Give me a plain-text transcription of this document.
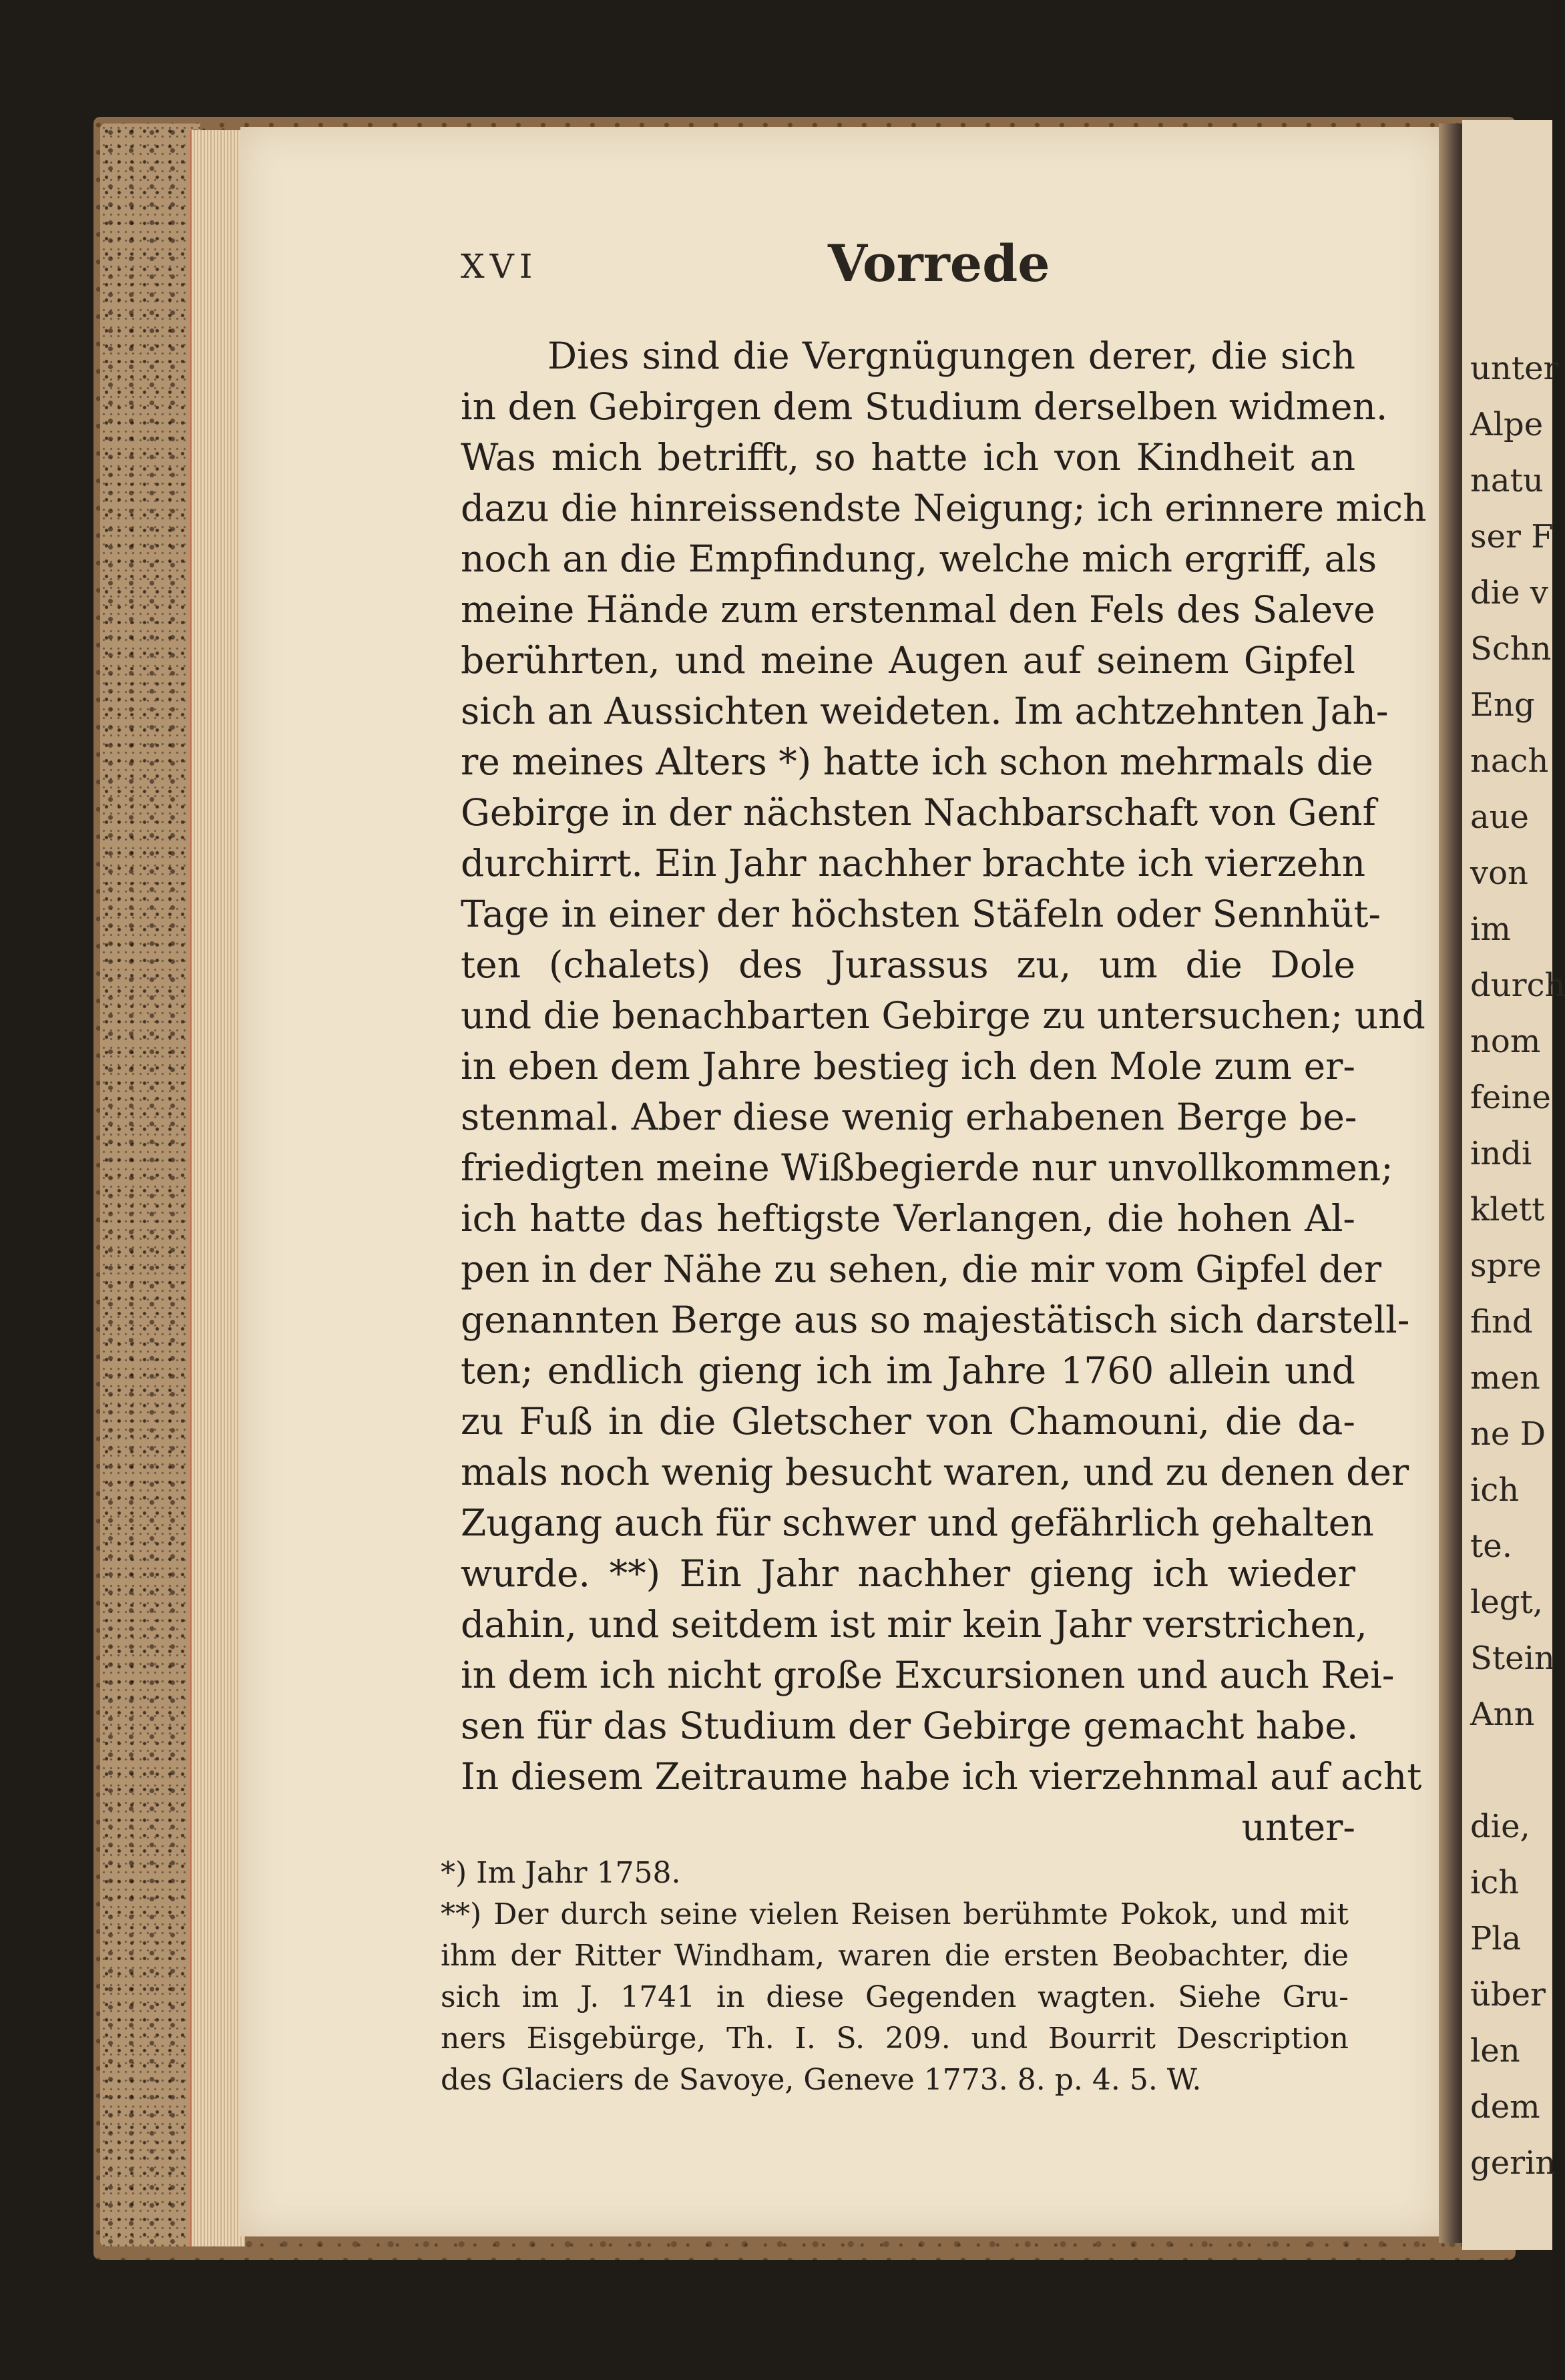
unter
Alpe
natu
ser F
die v
Schn
Eng
nach
aue
von
im
durch
nom
feine
indi
klett
spre
find
men
ne D
ich
te.
legt,
Stein
Ann
die,
ich
Pla
über
len
dem
gerin
XVI	Vorrede
Dies sind die Vergnügungen derer, die sich
in den Gebirgen dem Studium derselben widmen.
Was mich betrifft, so hatte ich von Kindheit an
dazu die hinreissendste Neigung; ich erinnere mich
noch an die Empfindung, welche mich ergriff, als
meine Hände zum erstenmal den Fels des Saleve
berührten, und meine Augen auf seinem Gipfel
sich an Aussichten weideten. Im achtzehnten Jah-
re meines Alters *) hatte ich schon mehrmals die
Gebirge in der nächsten Nachbarschaft von Genf
durchirrt. Ein Jahr nachher brachte ich vierzehn
Tage in einer der höchsten Stäfeln oder Sennhüt-
ten (chalets) des Jurassus zu, um die Dole
und die benachbarten Gebirge zu untersuchen; und
in eben dem Jahre bestieg ich den Mole zum er-
stenmal. Aber diese wenig erhabenen Berge be-
friedigten meine Wißbegierde nur unvollkommen;
ich hatte das heftigste Verlangen, die hohen Al-
pen in der Nähe zu sehen, die mir vom Gipfel der
genannten Berge aus so majestätisch sich darstell-
ten; endlich gieng ich im Jahre 1760 allein und
zu Fuß in die Gletscher von Chamouni, die da-
mals noch wenig besucht waren, und zu denen der
Zugang auch für schwer und gefährlich gehalten
wurde. **) Ein Jahr nachher gieng ich wieder
dahin, und seitdem ist mir kein Jahr verstrichen,
in dem ich nicht große Excursionen und auch Rei-
sen für das Studium der Gebirge gemacht habe.
In diesem Zeitraume habe ich vierzehnmal auf acht
unter-
*) Im Jahr 1758.
**) Der durch seine vielen Reisen berühmte Pokok, und mit
ihm der Ritter Windham, waren die ersten Beobachter, die
sich im J. 1741 in diese Gegenden wagten. Siehe Gru-
ners Eisgebürge, Th. I. S. 209. und Bourrit Description
des Glaciers de Savoye, Geneve 1773. 8. p. 4. 5. W.
